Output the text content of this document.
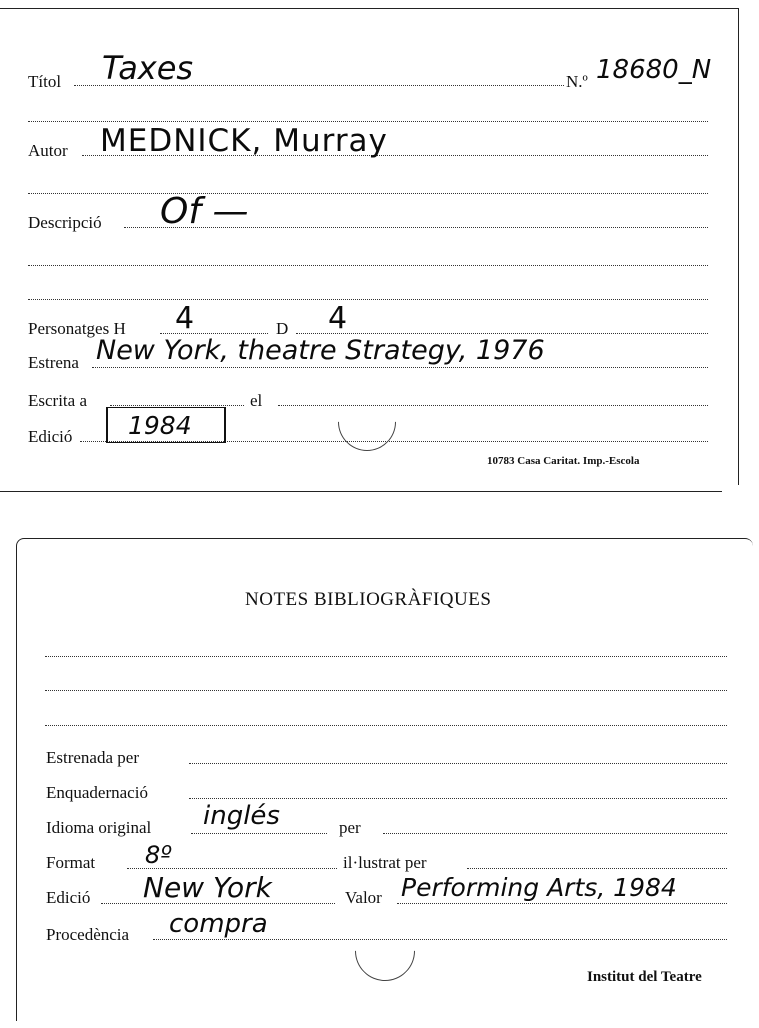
Títol Taxes	N.º 18680_N
Autor MEDNICK, Murray
Descripció Of —
Personatges H 4	D 4
Estrena New York, theatre Strategy, 1976
Escrita a	el
Edició 1984
10783 Casa Caritat. Imp.-Escola
NOTES BIBLIOGRÀFIQUES
Estrenada per
Enquadernació
Idioma original inglés	per
Format 8º	il·lustrat per
Edició New York	Valor Performing Arts, 1984
Procedència compra
Institut del Teatre
